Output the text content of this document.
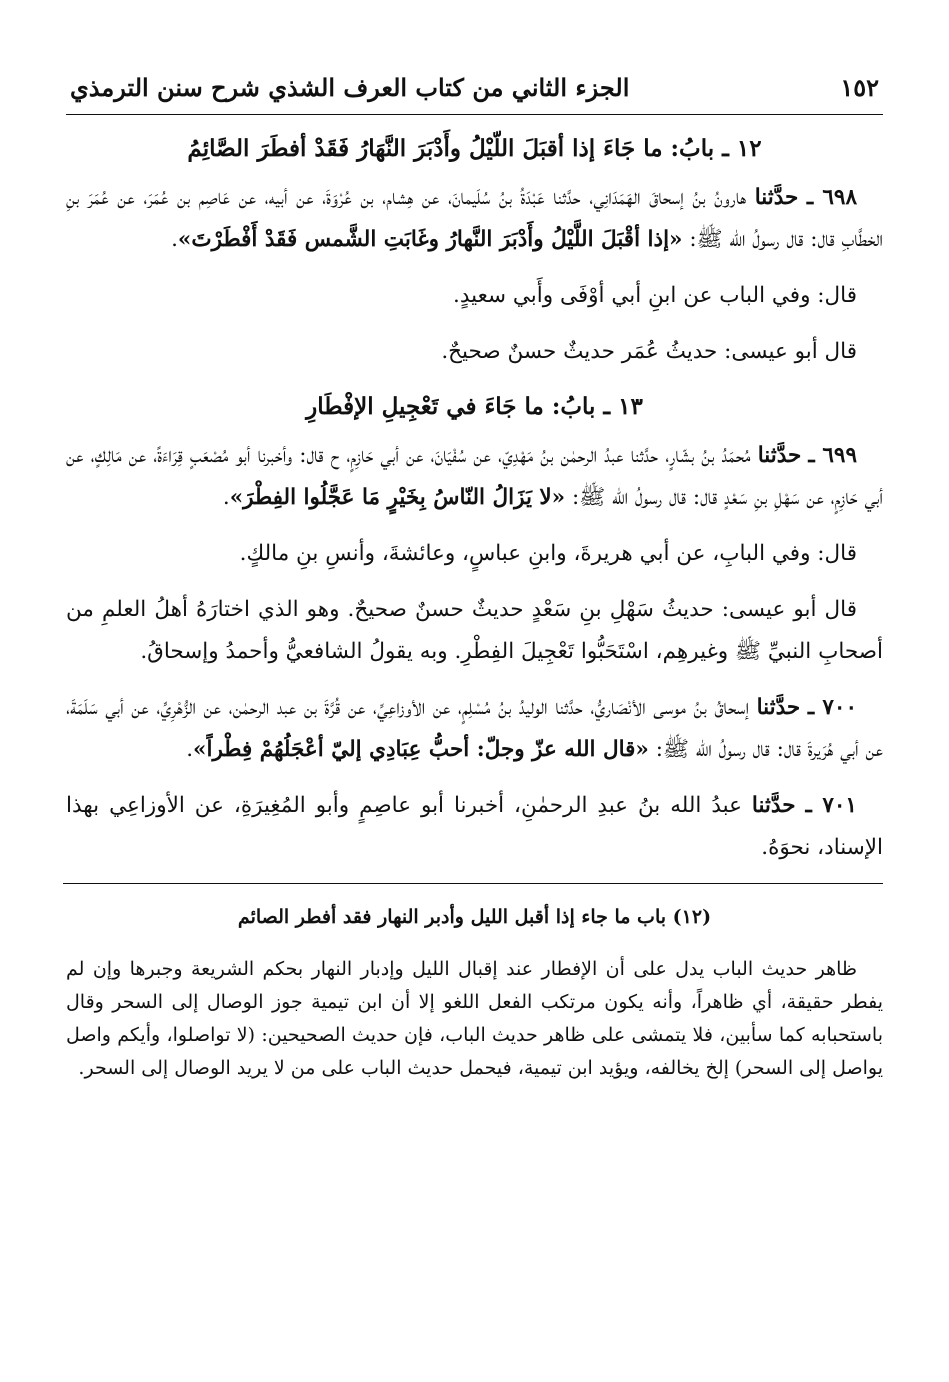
١٥٢
الجزء الثاني من كتاب العرف الشذي شرح سنن الترمذي
١٢ ـ بابُ: ما جَاءَ إذا أقبَلَ اللّيْلُ وأَدْبَرَ النَّهَارُ فَقَدْ أفطَرَ الصَّائِمُ

٦٩٨ ـ حدَّثنا هارونُ بنُ إسحاقَ الهَمَدَانِي، حدَّثنا عَبْدَةُ بنُ سُلَيمانَ، عن هِشام، بن عُرْوَةَ، عن أبيه، عن عَاصِم بن عُمَرَ، عن عُمَرَ بنِ الخطَّابِ قال: قال رسولُ الله ﷺ: «إذا أقْبَلَ اللَّيْلُ وأَدْبَرَ النَّهارُ وغَابَتِ الشَّمس فَقَدْ أَفْطَرْتَ».

قال: وفي الباب عن ابنِ أبي أوْفَى وأَبي سعيدٍ.

قال أبو عيسى: حديثُ عُمَر حديثٌ حسنٌ صحيحٌ.

١٣ ـ بابُ: ما جَاءَ في تَعْجِيلِ الإفْطَارِ

٦٩٩ ـ حدَّثنا مُحمَدُ بنُ بشّارٍ، حدَّثنا عبدُ الرحمٰن بنُ مَهْدِيّ، عن سُفْيَانَ، عن أبي حَازِمٍ، ح قال: وأخبرنا أبو مُصْعَبٍ قِرَاءَةً، عن مَالِكٍ، عن أبي حَازِمٍ، عن سَهْلِ بنِ سَعْدٍ قال: قال رسولُ الله ﷺ: «لا يَزَالُ النّاسُ بِخَيْرٍ مَا عَجَّلُوا الفِطْرَ».

قال: وفي البابِ، عن أبي هريرةَ، وابنِ عباسٍ، وعائشةَ، وأنسِ بنِ مالكٍ.

قال أبو عيسى: حديثُ سَهْلِ بنِ سَعْدٍ حديثٌ حسنٌ صحيحٌ. وهو الذي اختارَهُ أهلُ العلمِ من أصحابِ النبيِّ ﷺ وغيرهِم، اسْتَحَبُّوا تَعْجِيلَ الفِطْرِ. وبه يقولُ الشافعيُّ وأحمدُ وإسحاقُ.

٧٠٠ ـ حدَّثنا إسحاقُ بنُ موسى الأنْصَاريُّ، حدَّثنا الوليدُ بنُ مُسْلِمٍ، عن الأوزاعِيِّ، عن قُرَّةَ بن عبد الرحمٰن، عن الزُّهْرِيِّ، عن أبي سَلَمَةَ، عن أبي هُرَيرةَ قال: قال رسولُ الله ﷺ: «قال الله عزّ وجلّ: أحبُّ عِبَادِي إليّ أعْجَلُهُمْ فِطْراً».

٧٠١ ـ حدَّثنا عبدُ الله بنُ عبدِ الرحمٰنِ، أخبرنا أبو عاصِمٍ وأبو المُغِيرَةِ، عن الأوزاعِي بهذا الإسناد، نحوَهُ.

(١٢) باب ما جاء إذا أقبل الليل وأدبر النهار فقد أفطر الصائم

ظاهر حديث الباب يدل على أن الإفطار عند إقبال الليل وإدبار النهار بحكم الشريعة وجبرها وإن لم يفطر حقيقة، أي ظاهراً، وأنه يكون مرتكب الفعل اللغو إلا أن ابن تيمية جوز الوصال إلى السحر وقال باستحبابه كما سأبين، فلا يتمشى على ظاهر حديث الباب، فإن حديث الصحيحين: (لا تواصلوا، وأيكم واصل يواصل إلى السحر) إلخ يخالفه، ويؤيد ابن تيمية، فيحمل حديث الباب على من لا يريد الوصال إلى السحر.
